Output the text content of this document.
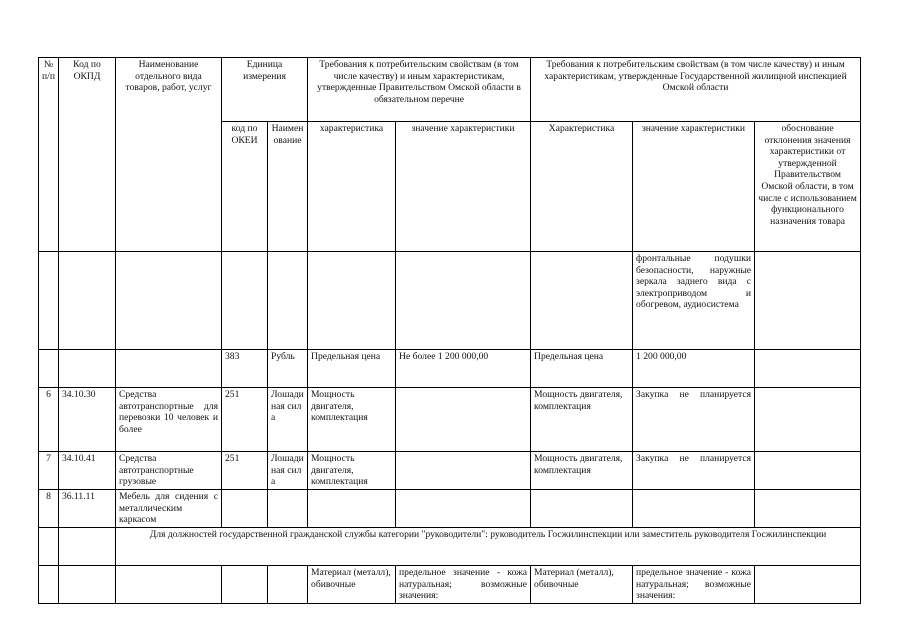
№ п/п	Код по ОКПД	Наименование отдельного вида товаров, работ, услуг	Единица измерения		Требования к потребительским свойствам (в том числе качеству) и иным характеристикам, утвержденные Правительством Омской области в обязательном перечне		Требования к потребительским свойствам (в том числе качеству) и иным характеристикам, утвержденные Государственной жилищной инспекцией Омской области		
			код по ОКЕИ	Наименование	характеристика	значение характеристики	Характеристика	значение характеристики	обоснование отклонения значения характеристики от утвержденной Правительством Омской области, в том числе с использованием функционального назначения товара
								фронтальные подушки безопасности, наружные зеркала заднего вида с электроприводом и обогревом, аудиосистема	
			383	Рубль	Предельная цена	Не более 1 200 000,00	Предельная цена	1 200 000,00	
6	34.10.30	Средства автотранспортные для перевозки 10 человек и более	251	Лошадиная сила	Мощность двигателя, комплектация		Мощность двигателя, комплектация	Закупка не планируется	
7	34.10.41	Средства автотранспортные грузовые	251	Лошадиная сила	Мощность двигателя, комплектация		Мощность двигателя, комплектация	Закупка не планируется	
8	36.11.11	Мебель для сидения с металлическим каркасом							
		Для должностей государственной гражданской службы категории "руководители": руководитель Госжилинспекции или заместитель руководителя Госжилинспекции							
					Материал (металл), обивочные	предельное значение - кожа натуральная; возможные значения:	Материал (металл), обивочные	предельное значение - кожа натуральная; возможные значения:	
